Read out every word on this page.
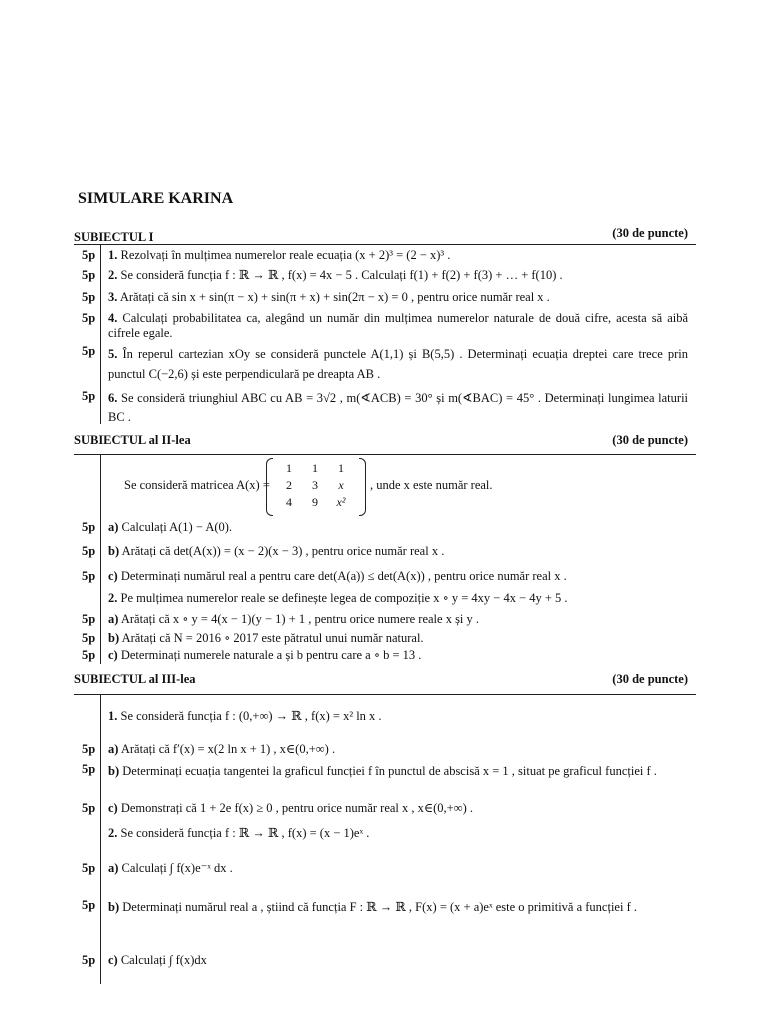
SIMULARE KARINA
SUBIECTUL I	(30 de puncte)
5p 1. Rezolvați în mulțimea numerelor reale ecuația (x + 2)³ = (2 − x)³ .
5p 2. Se consideră funcția f : ℝ → ℝ , f(x) = 4x − 5 . Calculați f(1) + f(2) + f(3) + … + f(10) .
5p 3. Arătați că sin x + sin(π − x) + sin(π + x) + sin(2π − x) = 0 , pentru orice număr real x .
5p 4. Calculați probabilitatea ca, alegând un număr din mulțimea numerelor naturale de două cifre, acesta să aibă cifrele egale.
5p 5. În reperul cartezian xOy se consideră punctele A(1,1) și B(5,5) . Determinați ecuația dreptei care trece prin punctul C(−2,6) și este perpendiculară pe dreapta AB .
5p 6. Se consideră triunghiul ABC cu AB = 3√2 , m(∢ACB) = 30° și m(∢BAC) = 45° . Determinați lungimea laturii BC .
SUBIECTUL al II-lea	(30 de puncte)
Se consideră matricea A(x) =
1	1	1
2	3	x
4	9	x²
, unde x este număr real.
5p a) Calculați A(1) − A(0).
5p b) Arătați că det(A(x)) = (x − 2)(x − 3) , pentru orice număr real x .
5p c) Determinați numărul real a pentru care det(A(a)) ≤ det(A(x)) , pentru orice număr real x .
2. Pe mulțimea numerelor reale se definește legea de compoziție x ∘ y = 4xy − 4x − 4y + 5 .
5p a) Arătați că x ∘ y = 4(x − 1)(y − 1) + 1 , pentru orice numere reale x și y .
5p b) Arătați că N = 2016 ∘ 2017 este pătratul unui număr natural.
5p c) Determinați numerele naturale a și b pentru care a ∘ b = 13 .
SUBIECTUL al III-lea	(30 de puncte)
1. Se consideră funcția f : (0,+∞) → ℝ , f(x) = x² ln x .
5p a) Arătați că f′(x) = x(2 ln x + 1) , x∈(0,+∞) .
5p b) Determinați ecuația tangentei la graficul funcției f în punctul de abscisă x = 1 , situat pe graficul funcției f .
5p c) Demonstrați că 1 + 2e f(x) ≥ 0 , pentru orice număr real x , x∈(0,+∞) .
2. Se consideră funcția f : ℝ → ℝ , f(x) = (x − 1)eˣ .
5p a) Calculați ∫ f(x)e⁻ˣ dx .
5p b) Determinați numărul real a , știind că funcția F : ℝ → ℝ , F(x) = (x + a)eˣ este o primitivă a funcției f .
5p c) Calculați ∫ f(x)dx
